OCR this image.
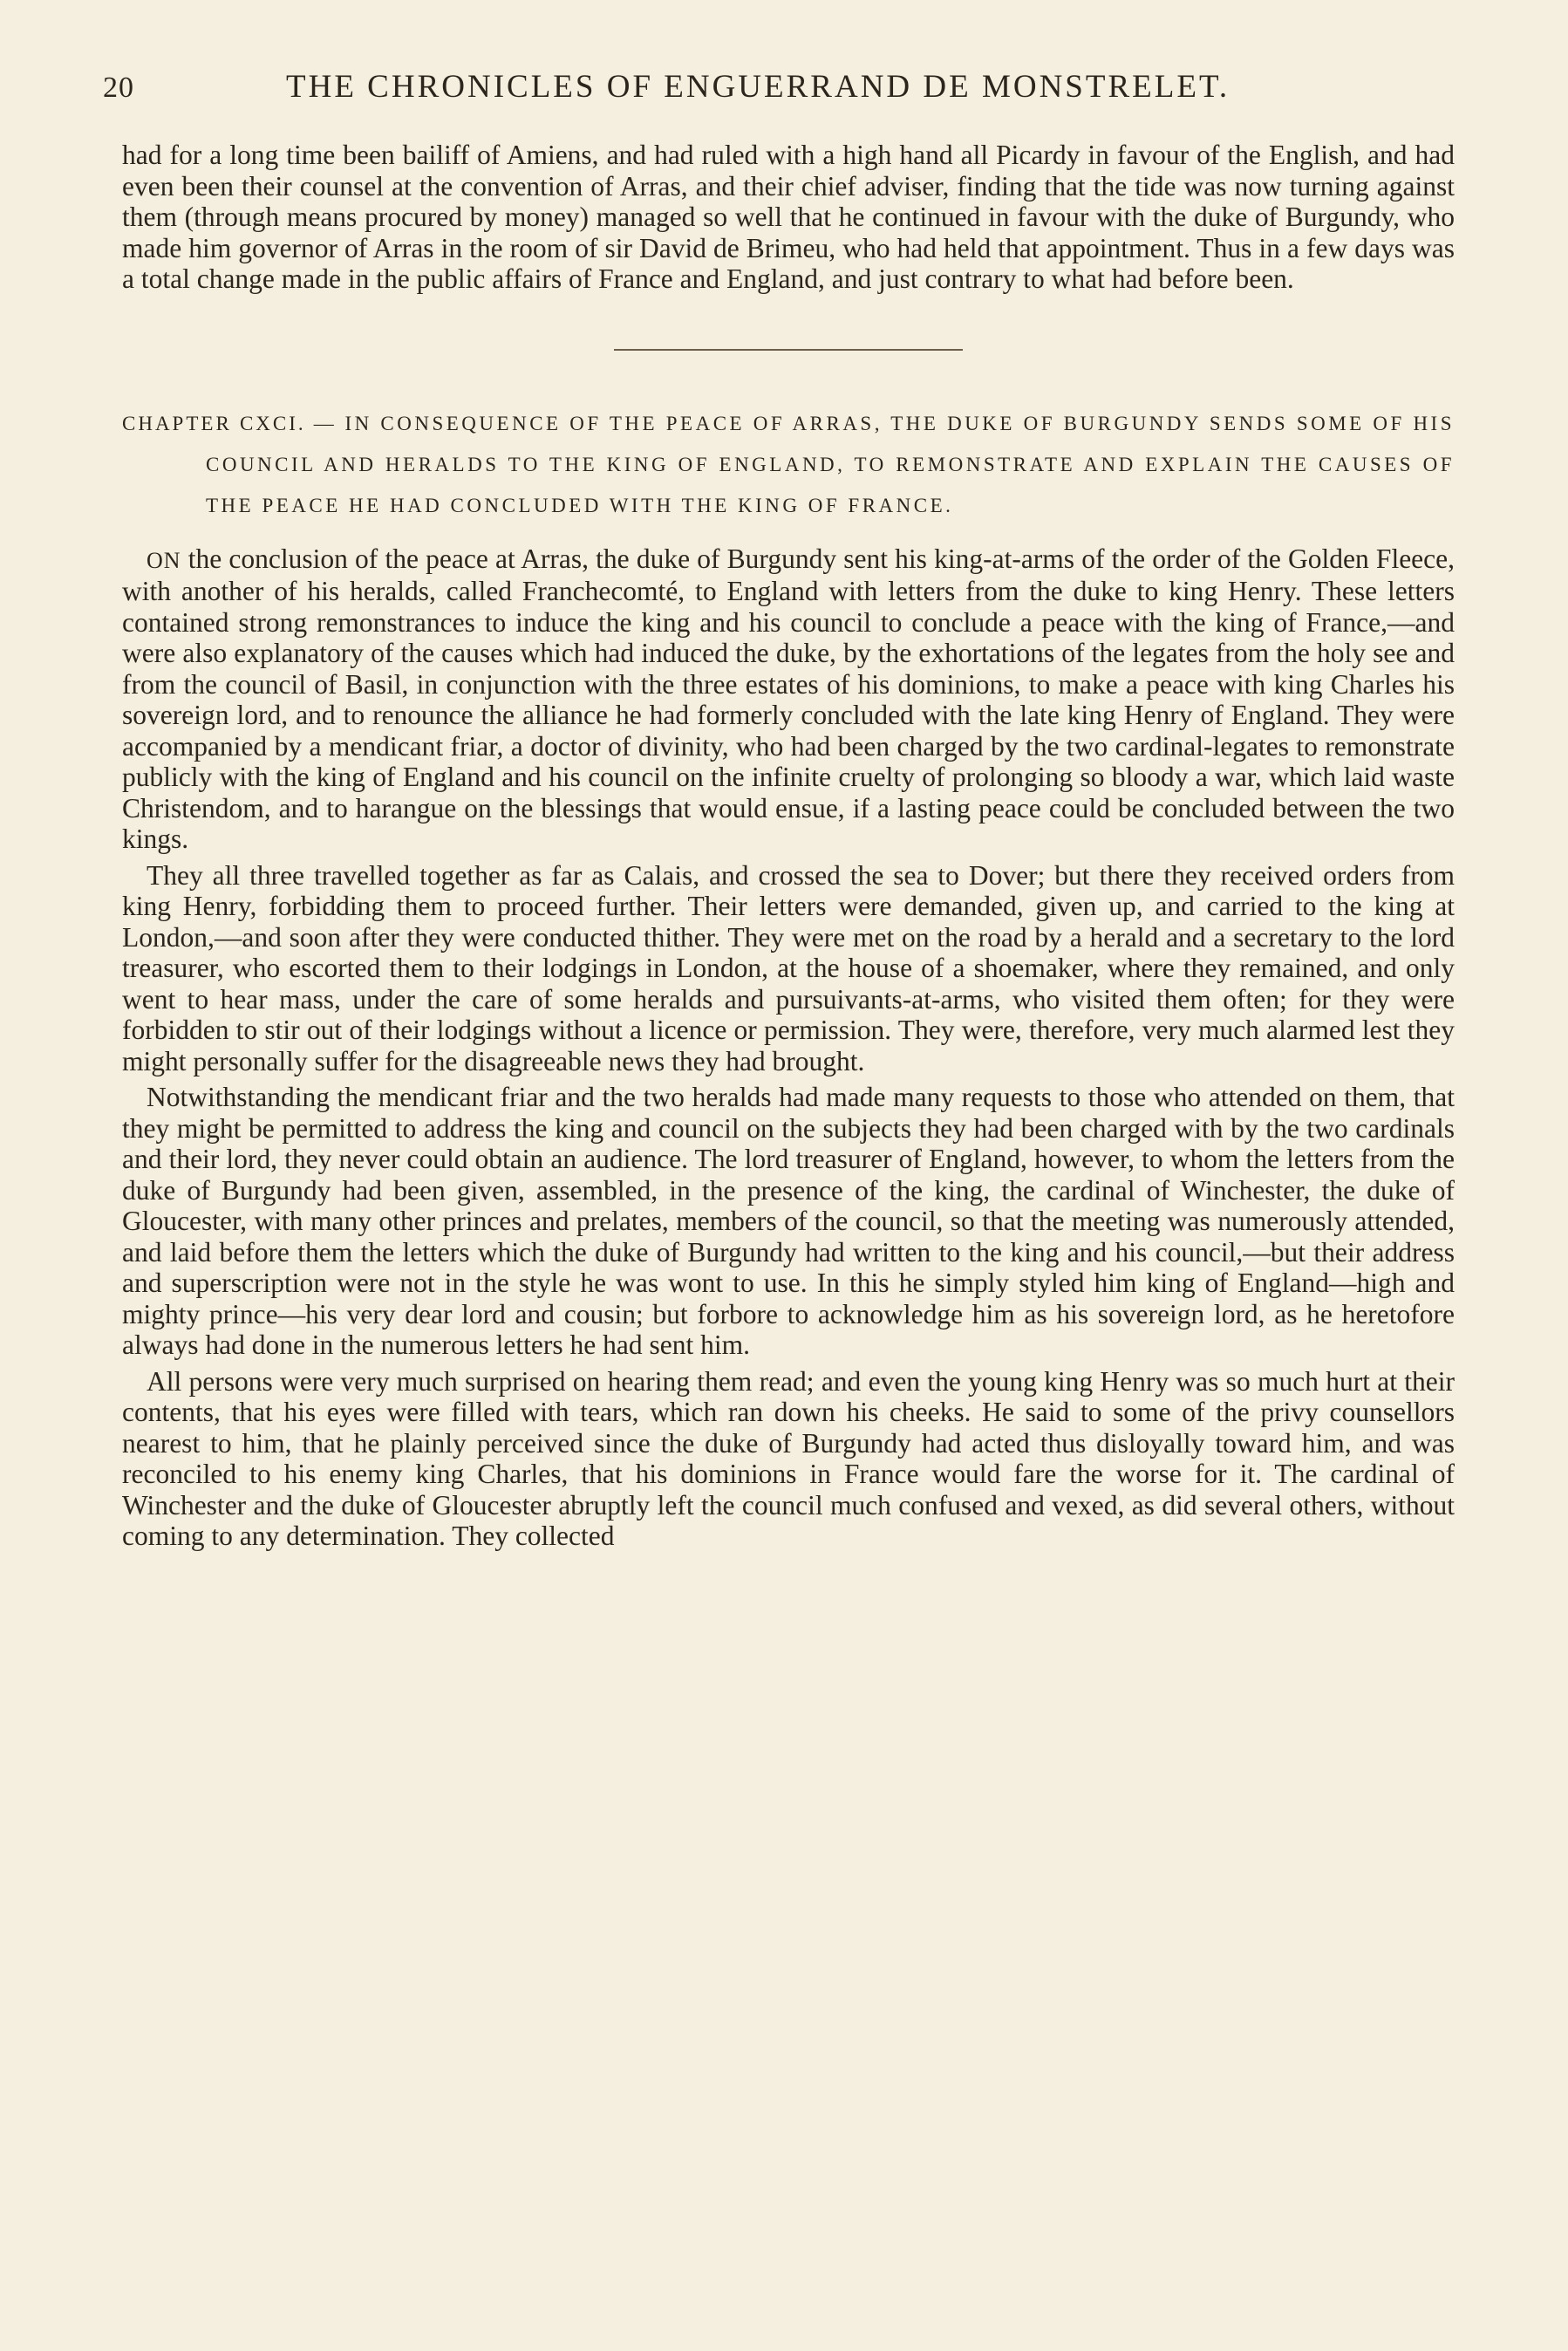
20	THE CHRONICLES OF ENGUERRAND DE MONSTRELET.

had for a long time been bailiff of Amiens, and had ruled with a high hand all Picardy in favour of the English, and had even been their counsel at the convention of Arras, and their chief adviser, finding that the tide was now turning against them (through means procured by money) managed so well that he continued in favour with the duke of Burgundy, who made him governor of Arras in the room of sir David de Brimeu, who had held that appointment. Thus in a few days was a total change made in the public affairs of France and England, and just contrary to what had before been.

CHAPTER CXCI. — IN CONSEQUENCE OF THE PEACE OF ARRAS, THE DUKE OF BURGUNDY SENDS SOME OF HIS COUNCIL AND HERALDS TO THE KING OF ENGLAND, TO REMONSTRATE AND EXPLAIN THE CAUSES OF THE PEACE HE HAD CONCLUDED WITH THE KING OF FRANCE.

ON the conclusion of the peace at Arras, the duke of Burgundy sent his king-at-arms of the order of the Golden Fleece, with another of his heralds, called Franchecomté, to England with letters from the duke to king Henry. These letters contained strong remonstrances to induce the king and his council to conclude a peace with the king of France,—and were also explanatory of the causes which had induced the duke, by the exhortations of the legates from the holy see and from the council of Basil, in conjunction with the three estates of his dominions, to make a peace with king Charles his sovereign lord, and to renounce the alliance he had formerly concluded with the late king Henry of England. They were accompanied by a mendicant friar, a doctor of divinity, who had been charged by the two cardinal-legates to remonstrate publicly with the king of England and his council on the infinite cruelty of prolonging so bloody a war, which laid waste Christendom, and to harangue on the blessings that would ensue, if a lasting peace could be concluded between the two kings.

They all three travelled together as far as Calais, and crossed the sea to Dover; but there they received orders from king Henry, forbidding them to proceed further. Their letters were demanded, given up, and carried to the king at London,—and soon after they were conducted thither. They were met on the road by a herald and a secretary to the lord treasurer, who escorted them to their lodgings in London, at the house of a shoemaker, where they remained, and only went to hear mass, under the care of some heralds and pursuivants-at-arms, who visited them often; for they were forbidden to stir out of their lodgings without a licence or permission. They were, therefore, very much alarmed lest they might personally suffer for the disagreeable news they had brought.

Notwithstanding the mendicant friar and the two heralds had made many requests to those who attended on them, that they might be permitted to address the king and council on the subjects they had been charged with by the two cardinals and their lord, they never could obtain an audience. The lord treasurer of England, however, to whom the letters from the duke of Burgundy had been given, assembled, in the presence of the king, the cardinal of Winchester, the duke of Gloucester, with many other princes and prelates, members of the council, so that the meeting was numerously attended, and laid before them the letters which the duke of Burgundy had written to the king and his council,—but their address and superscription were not in the style he was wont to use. In this he simply styled him king of England—high and mighty prince—his very dear lord and cousin; but forbore to acknowledge him as his sovereign lord, as he heretofore always had done in the numerous letters he had sent him.

All persons were very much surprised on hearing them read; and even the young king Henry was so much hurt at their contents, that his eyes were filled with tears, which ran down his cheeks. He said to some of the privy counsellors nearest to him, that he plainly perceived since the duke of Burgundy had acted thus disloyally toward him, and was reconciled to his enemy king Charles, that his dominions in France would fare the worse for it. The cardinal of Winchester and the duke of Gloucester abruptly left the council much confused and vexed, as did several others, without coming to any determination. They collected
